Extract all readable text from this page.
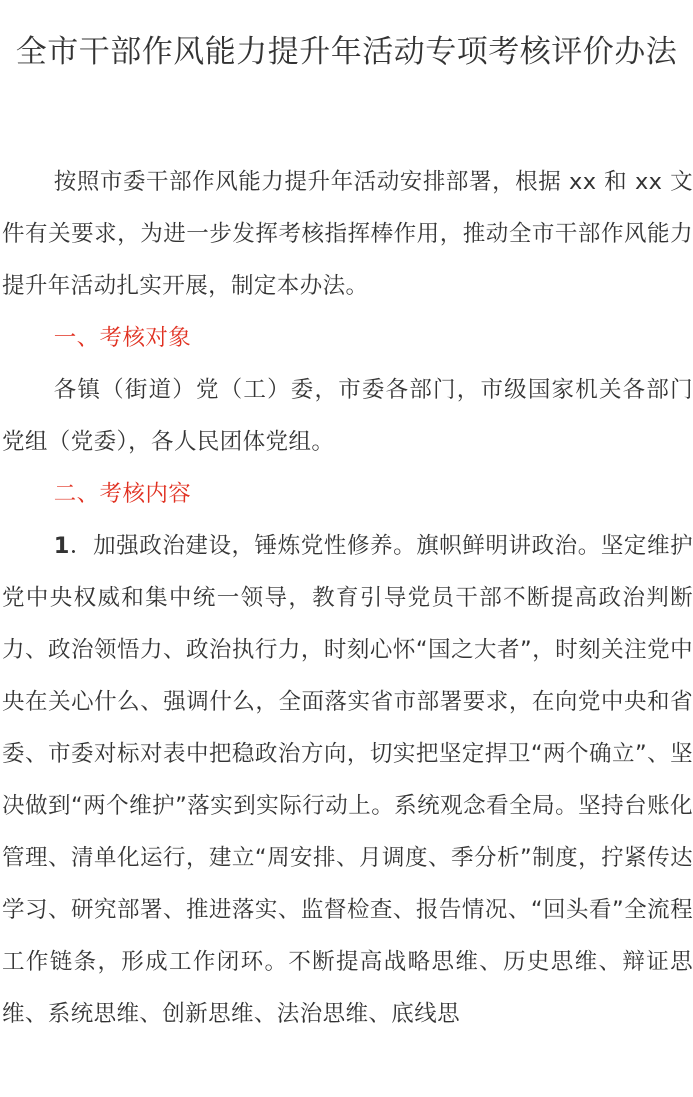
全市干部作风能力提升年活动专项考核评价办法

按照市委干部作风能力提升年活动安排部署，根据 xx 和 xx 文件有关要求，为进一步发挥考核指挥棒作用，推动全市干部作风能力提升年活动扎实开展，制定本办法。

一、考核对象

各镇（街道）党（工）委，市委各部门，市级国家机关各部门党组（党委），各人民团体党组。

二、考核内容

1．加强政治建设，锤炼党性修养。旗帜鲜明讲政治。坚定维护党中央权威和集中统一领导，教育引导党员干部不断提高政治判断力、政治领悟力、政治执行力，时刻心怀“国之大者”，时刻关注党中央在关心什么、强调什么，全面落实省市部署要求，在向党中央和省委、市委对标对表中把稳政治方向，切实把坚定捍卫“两个确立”、坚决做到“两个维护”落实到实际行动上。系统观念看全局。坚持台账化管理、清单化运行，建立“周安排、月调度、季分析”制度，拧紧传达学习、研究部署、推进落实、监督检查、报告情况、“回头看”全流程工作链条，形成工作闭环。不断提高战略思维、历史思维、辩证思维、系统思维、创新思维、法治思维、底线思
